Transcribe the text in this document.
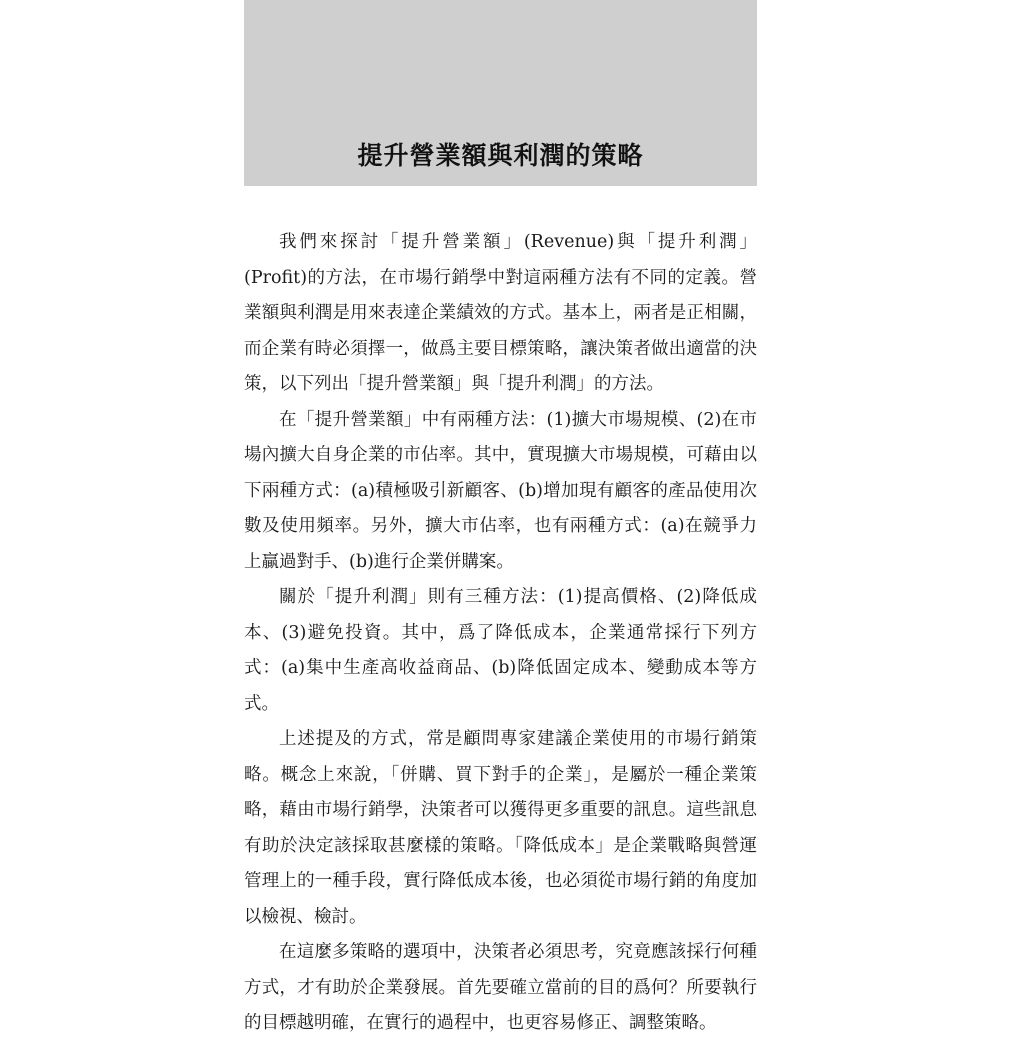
提升營業額與利潤的策略

我們來探討「提升營業額」(Revenue)與「提升利潤」(Profit)的方法，在市場行銷學中對這兩種方法有不同的定義。營業額與利潤是用來表達企業績效的方式。基本上，兩者是正相關，而企業有時必須擇一，做爲主要目標策略，讓決策者做出適當的決策，以下列出「提升營業額」與「提升利潤」的方法。

在「提升營業額」中有兩種方法：(1)擴大市場規模、(2)在市場內擴大自身企業的市佔率。其中，實現擴大市場規模，可藉由以下兩種方式：(a)積極吸引新顧客、(b)增加現有顧客的產品使用次數及使用頻率。另外，擴大市佔率，也有兩種方式：(a)在競爭力上贏過對手、(b)進行企業併購案。

關於「提升利潤」則有三種方法：(1)提高價格、(2)降低成本、(3)避免投資。其中，爲了降低成本，企業通常採行下列方式：(a)集中生產高收益商品、(b)降低固定成本、變動成本等方式。

上述提及的方式，常是顧問專家建議企業使用的市場行銷策略。概念上來說，「併購、買下對手的企業」，是屬於一種企業策略，藉由市場行銷學，決策者可以獲得更多重要的訊息。這些訊息有助於決定該採取甚麼樣的策略。「降低成本」是企業戰略與營運管理上的一種手段，實行降低成本後，也必須從市場行銷的角度加以檢視、檢討。

在這麼多策略的選項中，決策者必須思考，究竟應該採行何種方式，才有助於企業發展。首先要確立當前的目的爲何？所要執行的目標越明確，在實行的過程中，也更容易修正、調整策略。
